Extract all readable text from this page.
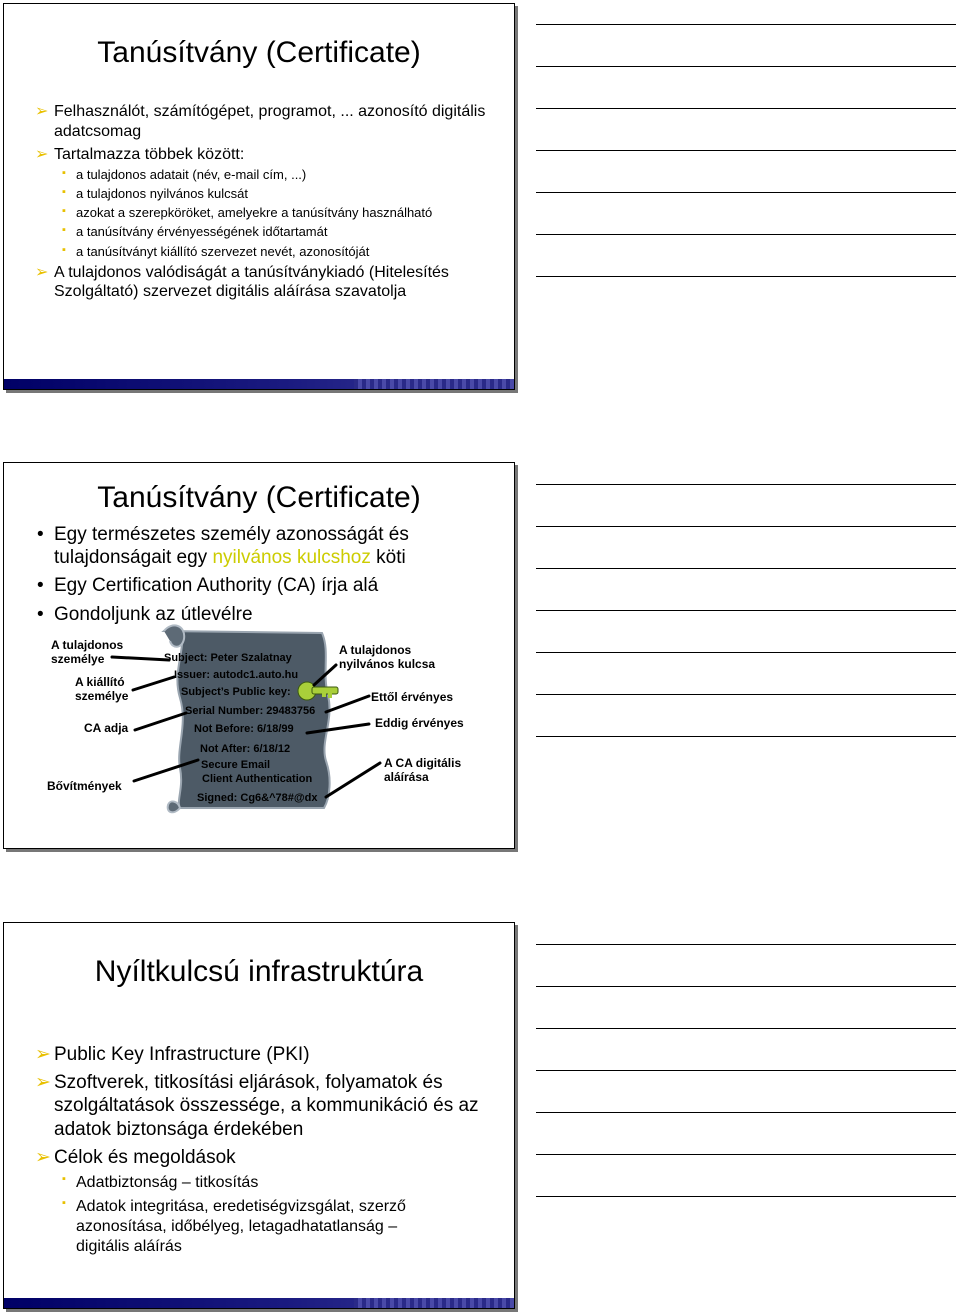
Tanúsítvány (Certificate)
➢ Felhasználót, számítógépet, programot, ... azonosító digitális adatcsomag
➢ Tartalmazza többek között:
▪ a tulajdonos adatait (név, e-mail cím, ...)
▪ a tulajdonos nyilvános kulcsát
▪ azokat a szerepköröket, amelyekre a tanúsítvány használható
▪ a tanúsítvány érvényességének időtartamát
▪ a tanúsítványt kiállító szervezet nevét, azonosítóját
➢ A tulajdonos valódiságát a tanúsítványkiadó (Hitelesítés Szolgáltató) szervezet digitális aláírása szavatolja
Tanúsítvány (Certificate)
• Egy természetes személy azonosságát és tulajdonságait egy nyilvános kulcshoz köti
• Egy Certification Authority (CA) írja alá
• Gondoljunk az útlevélre
Subject: Peter Szalatnay
Issuer: autodc1.auto.hu
Subject’s Public key:
Serial Number: 29483756
Not Before: 6/18/99
Not After: 6/18/12
Secure Email
Client Authentication
Signed: Cg6&^78#@dx
A tulajdonos személye
A kiállító személye
CA adja
Bővítmények
A tulajdonos nyilvános kulcsa
Ettől érvényes
Eddig érvényes
A CA digitális aláírása
Nyíltkulcsú infrastruktúra
➢ Public Key Infrastructure (PKI)
➢ Szoftverek, titkosítási eljárások, folyamatok és szolgáltatások összessége, a kommunikáció és az adatok biztonsága érdekében
➢ Célok és megoldások
▪ Adatbiztonság – titkosítás
▪ Adatok integritása, eredetiségvizsgálat, szerző azonosítása, időbélyeg, letagadhatatlanság – digitális aláírás
